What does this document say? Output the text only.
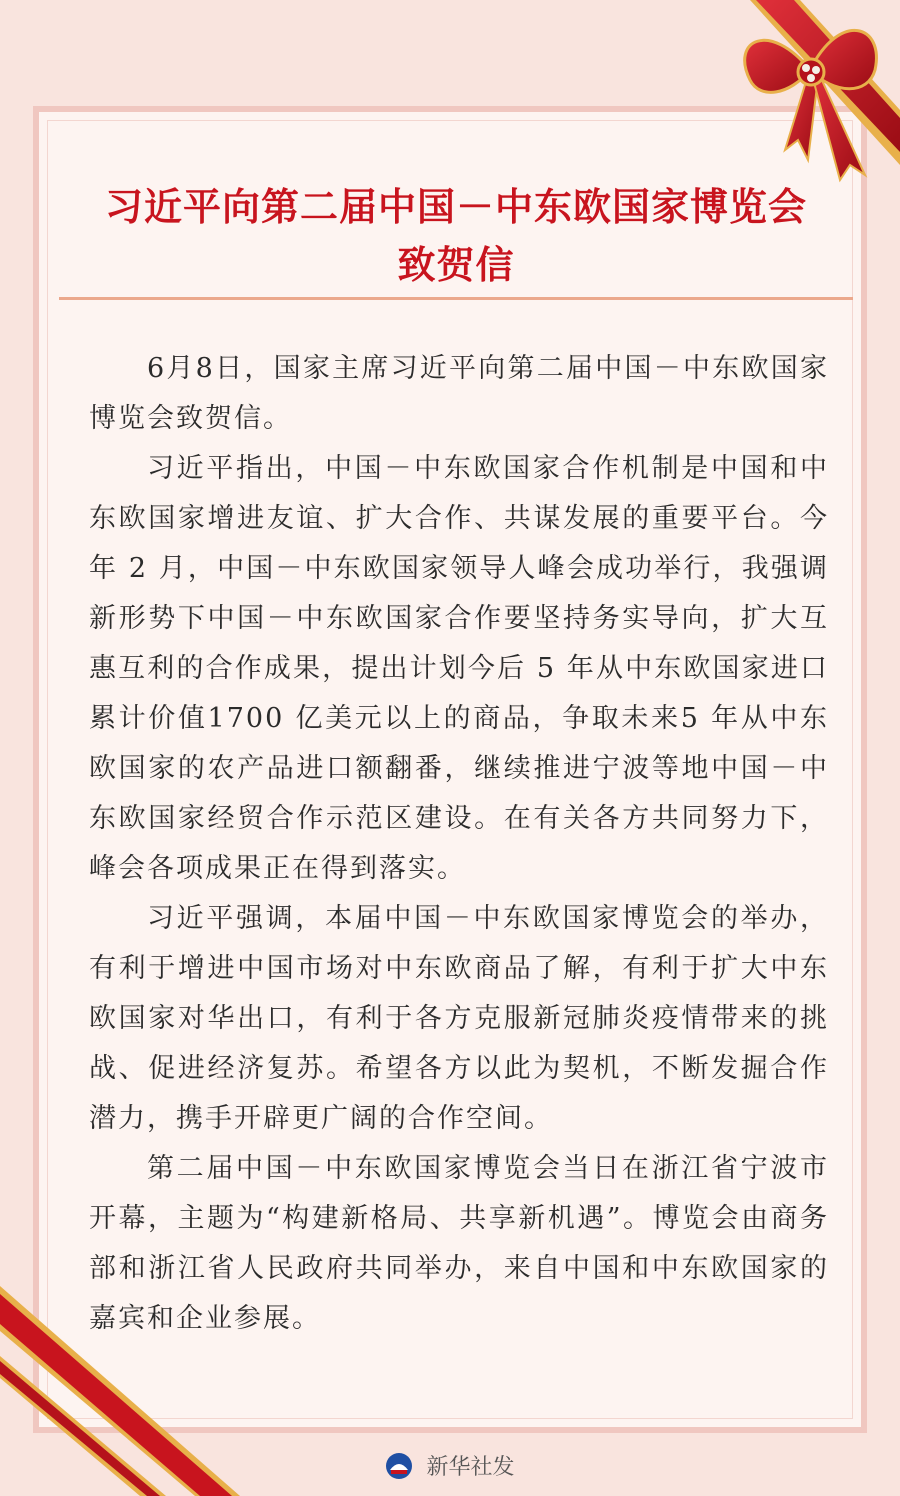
习近平向第二届中国－中东欧国家博览会
致贺信

6月8日，国家主席习近平向第二届中国－中东欧国家博览会致贺信。

习近平指出，中国－中东欧国家合作机制是中国和中东欧国家增进友谊、扩大合作、共谋发展的重要平台。今年 2 月，中国－中东欧国家领导人峰会成功举行，我强调新形势下中国－中东欧国家合作要坚持务实导向，扩大互惠互利的合作成果，提出计划今后 5 年从中东欧国家进口累计价值1700 亿美元以上的商品，争取未来5 年从中东欧国家的农产品进口额翻番，继续推进宁波等地中国－中东欧国家经贸合作示范区建设。在有关各方共同努力下，峰会各项成果正在得到落实。

习近平强调，本届中国－中东欧国家博览会的举办，有利于增进中国市场对中东欧商品了解，有利于扩大中东欧国家对华出口，有利于各方克服新冠肺炎疫情带来的挑战、促进经济复苏。希望各方以此为契机，不断发掘合作潜力，携手开辟更广阔的合作空间。

第二届中国－中东欧国家博览会当日在浙江省宁波市开幕，主题为“构建新格局、共享新机遇”。博览会由商务部和浙江省人民政府共同举办，来自中国和中东欧国家的嘉宾和企业参展。

新华社发
